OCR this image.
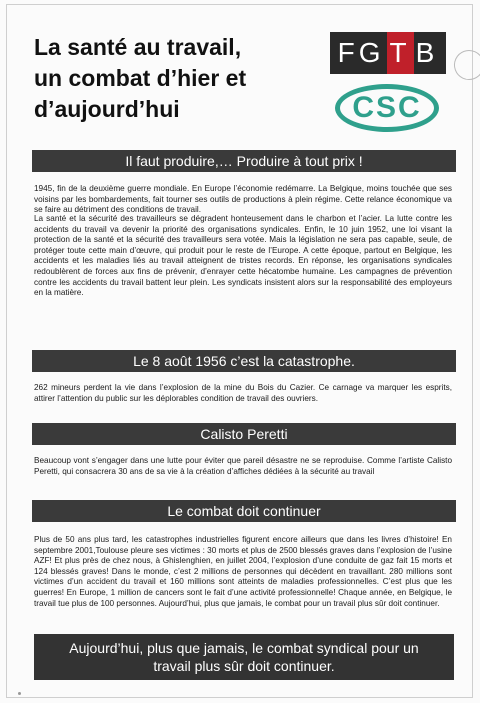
La santé au travail,
un combat d’hier et
d’aujourd’hui
FG T B
CSC
Il faut produire,… Produire à tout prix !

1945, fin de la deuxième guerre mondiale. En Europe l’économie redémarre. La Belgique, moins touchée que ses voisins par les bombardements, fait tourner ses outils de productions à plein régime. Cette relance économique va se faire au détriment des conditions de travail.

La santé et la sécurité des travailleurs se dégradent honteusement dans le charbon et l’acier. La lutte contre les accidents du travail va devenir la priorité des organisations syndicales. Enfin, le 10 juin 1952, une loi visant la protection de la santé et la sécurité des travailleurs sera votée. Mais la législation ne sera pas capable, seule, de protéger toute cette main d’œuvre, qui produit pour le reste de l’Europe. A cette époque, partout en Belgique, les accidents et les maladies liés au travail atteignent de tristes records. En réponse, les organisations syndicales redoublèrent de forces aux fins de prévenir, d’enrayer cette hécatombe humaine. Les campagnes de prévention contre les accidents du travail battent leur plein. Les syndicats insistent alors sur la responsabilité des employeurs en la matière.

Le 8 août 1956 c’est la catastrophe.

262 mineurs perdent la vie dans l’explosion de la mine du Bois du Cazier. Ce carnage va marquer les esprits, attirer l’attention du public sur les déplorables condition de travail des ouvriers.

Calisto Peretti

Beaucoup vont s’engager dans une lutte pour éviter que pareil désastre ne se reproduise. Comme l’artiste Calisto Peretti, qui consacrera 30 ans de sa vie à la création d’affiches dédiées à la sécurité au travail

Le combat doit continuer

Plus de 50 ans plus tard, les catastrophes industrielles figurent encore ailleurs que dans les livres d’histoire! En septembre 2001,Toulouse pleure ses victimes : 30 morts et plus de 2500 blessés graves dans l’explosion de l’usine AZF! Et plus près de chez nous, à Ghislenghien, en juillet 2004, l’explosion d’une conduite de gaz fait 15 morts et 124 blessés graves! Dans le monde, c’est 2 millions de personnes qui décèdent en travaillant. 280 millions sont victimes d’un accident du travail et 160 millions sont atteints de maladies professionnelles. C’est plus que les guerres! En Europe, 1 million de cancers sont le fait d’une activité professionnelle! Chaque année, en Belgique, le travail tue plus de 100 personnes. Aujourd’hui, plus que jamais, le combat pour un travail plus sûr doit continuer.

Aujourd’hui, plus que jamais, le combat syndical pour un travail plus sûr doit continuer.
